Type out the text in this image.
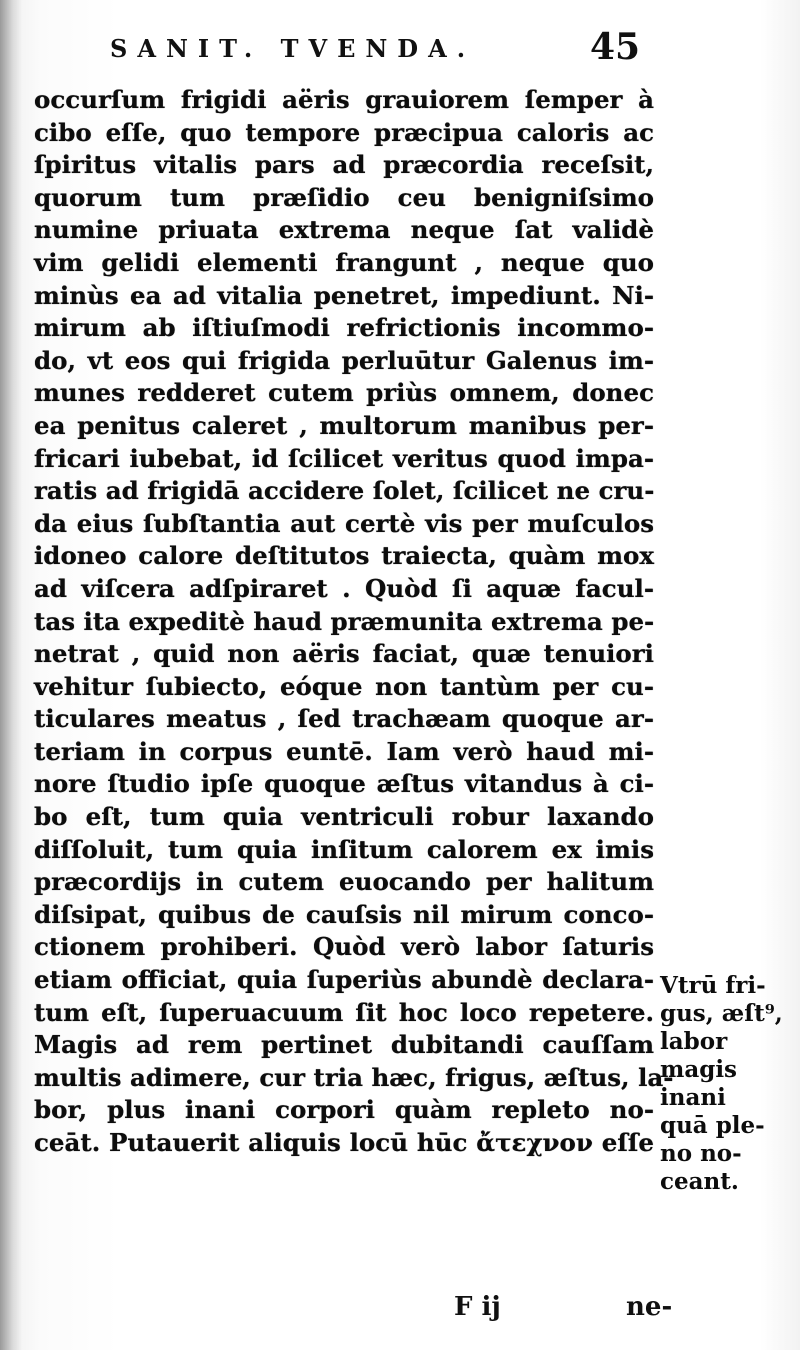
SANIT. TVENDA.	45
occurſum frigidi aëris grauiorem ſemper à
cibo eſſe, quo tempore præcipua caloris ac
ſpiritus vitalis pars ad præcordia receſsit,
quorum tum præſidio ceu benigniſsimo
numine priuata extrema neque ſat validè
vim gelidi elementi frangunt , neque quo
minùs ea ad vitalia penetret, impediunt. Ni-
mirum ab iſtiuſmodi refrictionis incommo-
do, vt eos qui frigida perluūtur Galenus im-
munes redderet cutem priùs omnem, donec
ea penitus caleret , multorum manibus per-
fricari iubebat, id ſcilicet veritus quod impa-
ratis ad frigidā accidere ſolet, ſcilicet ne cru-
da eius ſubſtantia aut certè vis per muſculos
idoneo calore deſtitutos traiecta, quàm mox
ad viſcera adſpiraret . Quòd ſi aquæ facul-
tas ita expeditè haud præmunita extrema pe-
netrat , quid non aëris faciat, quæ tenuiori
vehitur ſubiecto, eóque non tantùm per cu-
ticulares meatus , ſed trachæam quoque ar-
teriam in corpus euntē. Iam verò haud mi-
nore ſtudio ipſe quoque æſtus vitandus à ci-
bo eſt, tum quia ventriculi robur laxando
diſſoluit, tum quia inſitum calorem ex imis
præcordijs in cutem euocando per halitum
diſsipat, quibus de cauſsis nil mirum conco-
ctionem prohiberi. Quòd verò labor ſaturis
etiam officiat, quia ſuperiùs abundè declara-
tum eſt, ſuperuacuum ſit hoc loco repetere.
Magis ad rem pertinet dubitandi cauſſam
multis adimere, cur tria hæc, frigus, æſtus, la-
bor, plus inani corpori quàm repleto no-
ceāt. Putauerit aliquis locū hūc ἄτεχνον eſſe
Vtrū fri-
gus, æſt⁹,
labor
magis
inani
quā ple-
no no-
ceant.
F ij	ne-
